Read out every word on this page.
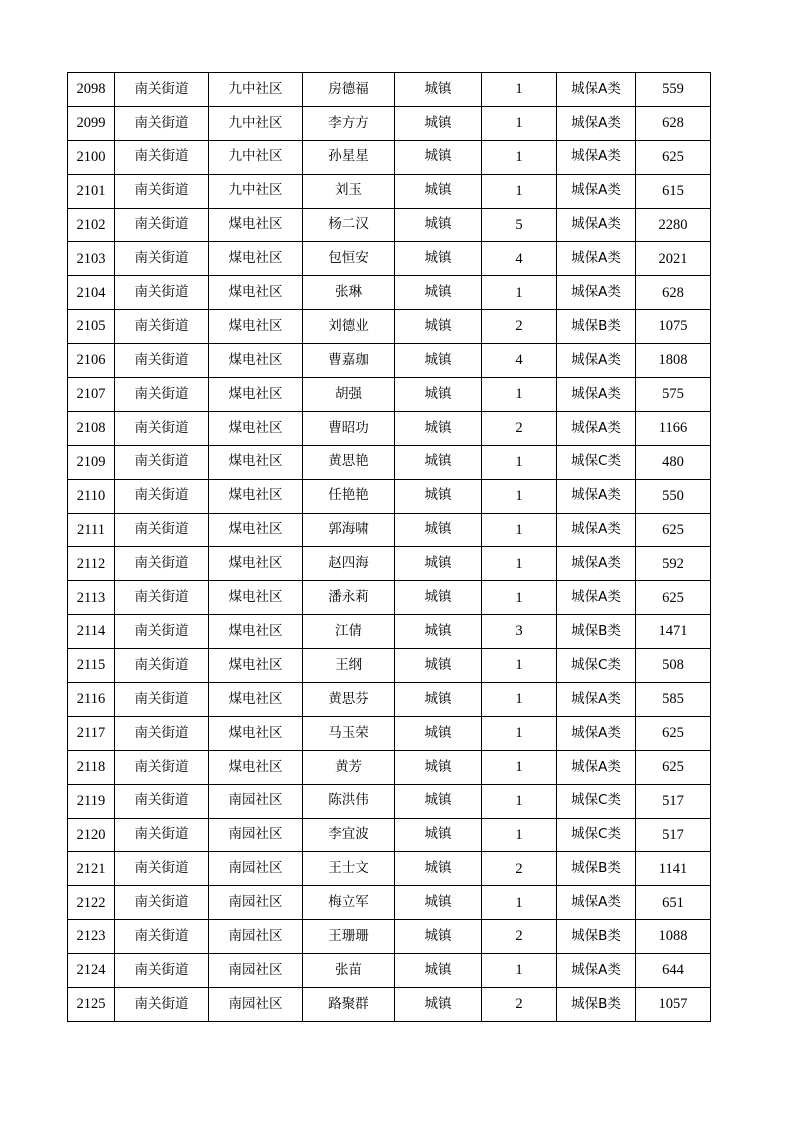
2098	南关街道	九中社区	房德福	城镇	1	城保A类	559
2099	南关街道	九中社区	李方方	城镇	1	城保A类	628
2100	南关街道	九中社区	孙星星	城镇	1	城保A类	625
2101	南关街道	九中社区	刘玉	城镇	1	城保A类	615
2102	南关街道	煤电社区	杨二汉	城镇	5	城保A类	2280
2103	南关街道	煤电社区	包恒安	城镇	4	城保A类	2021
2104	南关街道	煤电社区	张琳	城镇	1	城保A类	628
2105	南关街道	煤电社区	刘德业	城镇	2	城保B类	1075
2106	南关街道	煤电社区	曹嘉珈	城镇	4	城保A类	1808
2107	南关街道	煤电社区	胡强	城镇	1	城保A类	575
2108	南关街道	煤电社区	曹昭功	城镇	2	城保A类	1166
2109	南关街道	煤电社区	黄思艳	城镇	1	城保C类	480
2110	南关街道	煤电社区	任艳艳	城镇	1	城保A类	550
2111	南关街道	煤电社区	郭海啸	城镇	1	城保A类	625
2112	南关街道	煤电社区	赵四海	城镇	1	城保A类	592
2113	南关街道	煤电社区	潘永莉	城镇	1	城保A类	625
2114	南关街道	煤电社区	江倩	城镇	3	城保B类	1471
2115	南关街道	煤电社区	王纲	城镇	1	城保C类	508
2116	南关街道	煤电社区	黄思芬	城镇	1	城保A类	585
2117	南关街道	煤电社区	马玉荣	城镇	1	城保A类	625
2118	南关街道	煤电社区	黄芳	城镇	1	城保A类	625
2119	南关街道	南园社区	陈洪伟	城镇	1	城保C类	517
2120	南关街道	南园社区	李宜波	城镇	1	城保C类	517
2121	南关街道	南园社区	王士文	城镇	2	城保B类	1141
2122	南关街道	南园社区	梅立军	城镇	1	城保A类	651
2123	南关街道	南园社区	王珊珊	城镇	2	城保B类	1088
2124	南关街道	南园社区	张苗	城镇	1	城保A类	644
2125	南关街道	南园社区	路聚群	城镇	2	城保B类	1057
